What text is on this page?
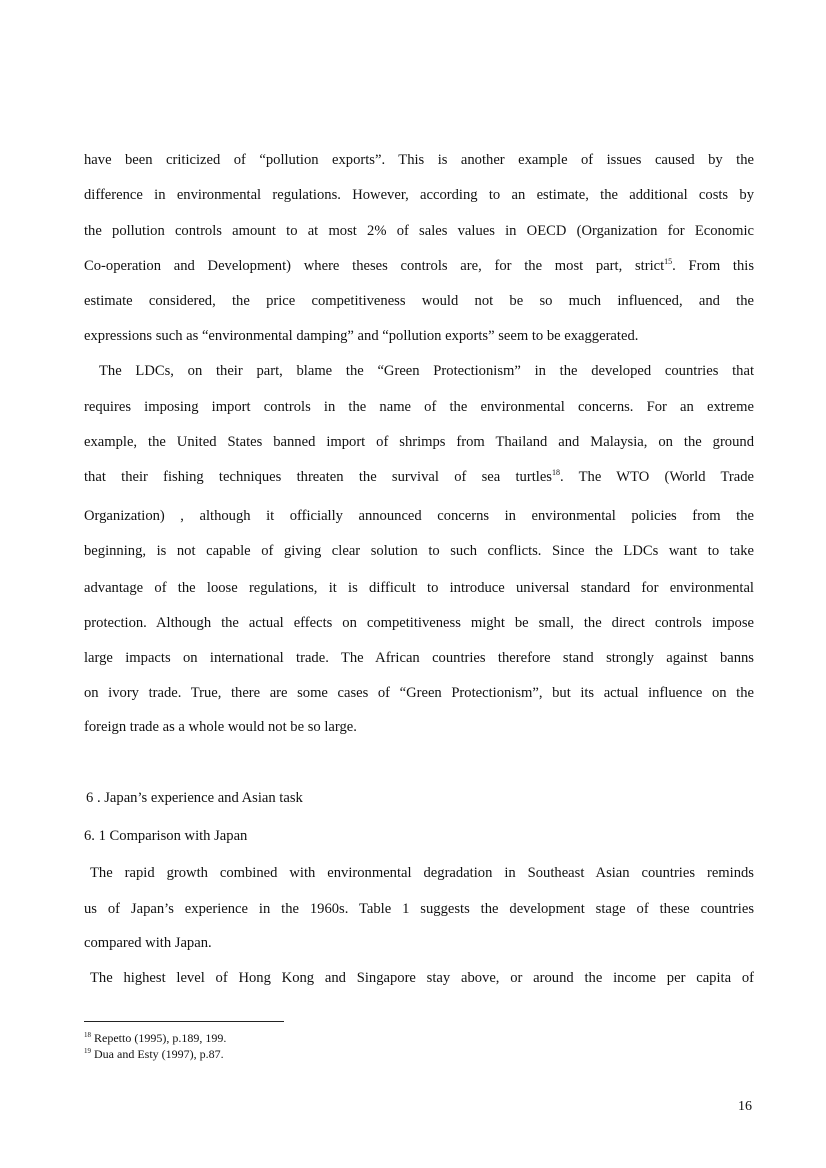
have been criticized of “pollution exports”. This is another example of issues caused by the
difference in environmental regulations. However, according to an estimate, the additional costs by
the pollution controls amount to at most 2% of sales values in OECD (Organization for Economic
Co-operation and Development) where theses controls are, for the most part, strict$^{15}$. From this
estimate considered, the price competitiveness would not be so much influenced, and the
expressions such as “environmental damping” and “pollution exports” seem to be exaggerated.
The LDCs, on their part, blame the “Green Protectionism” in the developed countries that
requires imposing import controls in the name of the environmental concerns. For an extreme
example, the United States banned import of shrimps from Thailand and Malaysia, on the ground
that their fishing techniques threaten the survival of sea turtles$^{18}$. The WTO (World Trade
Organization) , although it officially announced concerns in environmental policies from the
beginning, is not capable of giving clear solution to such conflicts. Since the LDCs want to take
advantage of the loose regulations, it is difficult to introduce universal standard for environmental
protection. Although the actual effects on competitiveness might be small, the direct controls impose
large impacts on international trade. The African countries therefore stand strongly against banns
on ivory trade. True, there are some cases of “Green Protectionism”, but its actual influence on the
foreign trade as a whole would not be so large.
6 . Japan’s experience and Asian task
6. 1 Comparison with Japan
The rapid growth combined with environmental degradation in Southeast Asian countries reminds
us of Japan’s experience in the 1960s. Table 1 suggests the development stage of these countries
compared with Japan.
The highest level of Hong Kong and Singapore stay above, or around the income per capita of
$^{18}$ Repetto (1995), p.189, 199.
$^{19}$ Dua and Esty (1997), p.87.
16
